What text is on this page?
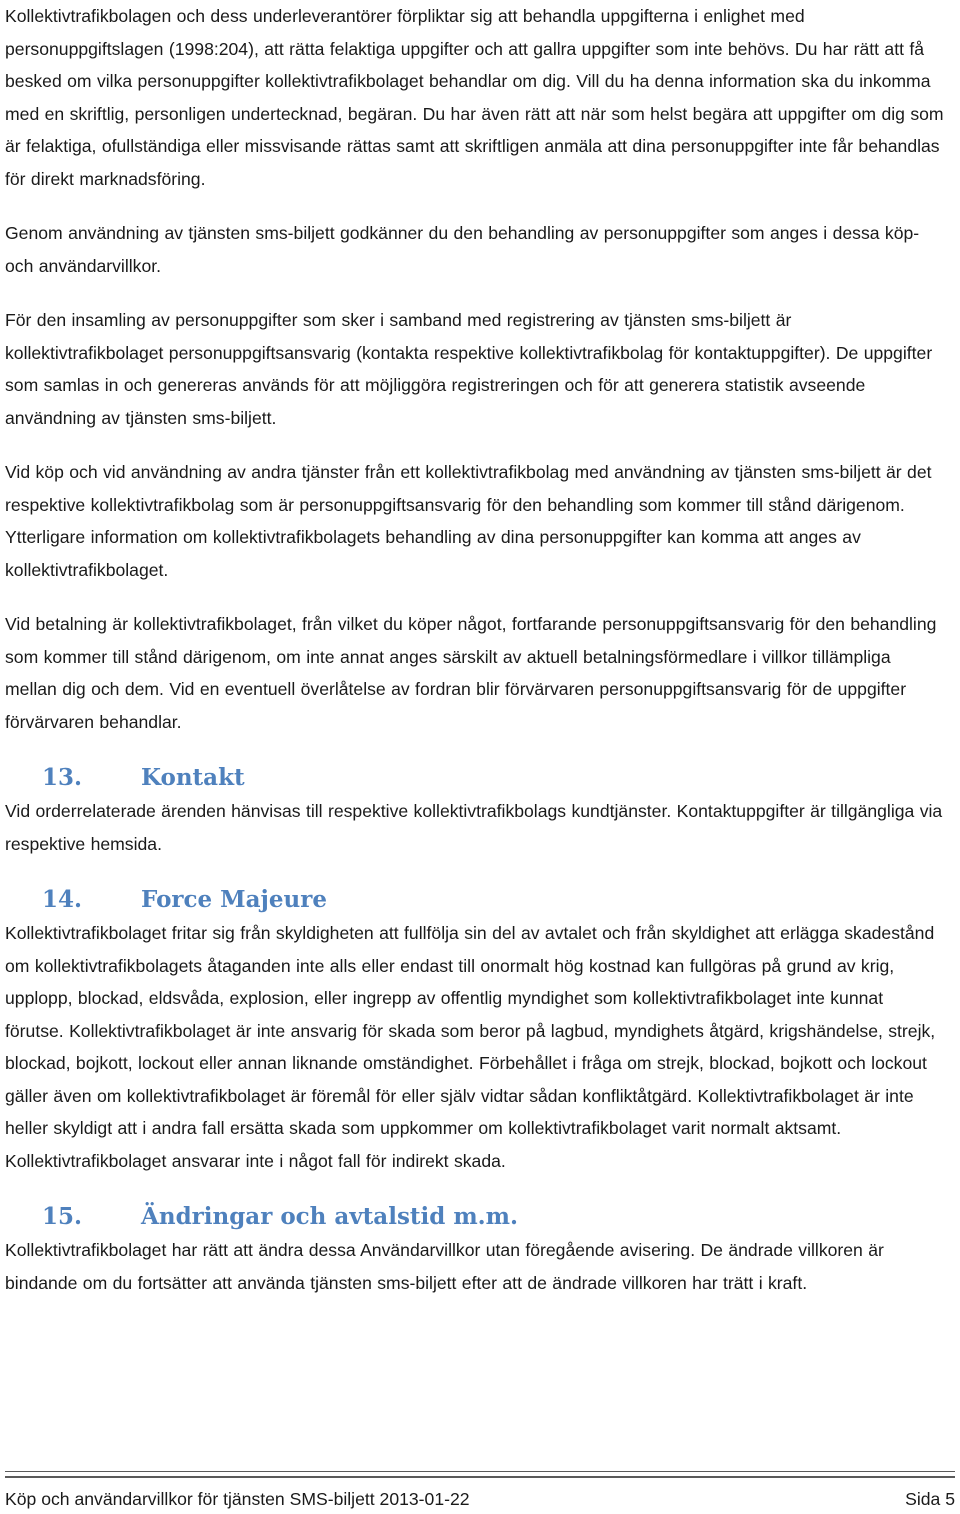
Kollektivtrafikbolagen och dess underleverantörer förpliktar sig att behandla uppgifterna i enlighet med personuppgiftslagen (1998:204), att rätta felaktiga uppgifter och att gallra uppgifter som inte behövs. Du har rätt att få besked om vilka personuppgifter kollektivtrafikbolaget behandlar om dig. Vill du ha denna information ska du inkomma med en skriftlig, personligen undertecknad, begäran. Du har även rätt att när som helst begära att uppgifter om dig som är felaktiga, ofullständiga eller missvisande rättas samt att skriftligen anmäla att dina personuppgifter inte får behandlas för direkt marknadsföring.

Genom användning av tjänsten sms-biljett godkänner du den behandling av personuppgifter som anges i dessa köp- och användarvillkor.

För den insamling av personuppgifter som sker i samband med registrering av tjänsten sms-biljett är kollektivtrafikbolaget personuppgiftsansvarig (kontakta respektive kollektivtrafikbolag för kontaktuppgifter). De uppgifter som samlas in och genereras används för att möjliggöra registreringen och för att generera statistik avseende användning av tjänsten sms-biljett.

Vid köp och vid användning av andra tjänster från ett kollektivtrafikbolag med användning av tjänsten sms-biljett är det respektive kollektivtrafikbolag som är personuppgiftsansvarig för den behandling som kommer till stånd därigenom. Ytterligare information om kollektivtrafikbolagets behandling av dina personuppgifter kan komma att anges av kollektivtrafikbolaget.

Vid betalning är kollektivtrafikbolaget, från vilket du köper något, fortfarande personuppgiftsansvarig för den behandling som kommer till stånd därigenom, om inte annat anges särskilt av aktuell betalningsförmedlare i villkor tillämpliga mellan dig och dem. Vid en eventuell överlåtelse av fordran blir förvärvaren personuppgiftsansvarig för de uppgifter förvärvaren behandlar.

13.	Kontakt

Vid orderrelaterade ärenden hänvisas till respektive kollektivtrafikbolags kundtjänster. Kontaktuppgifter är tillgängliga via respektive hemsida.

14.	Force Majeure

Kollektivtrafikbolaget fritar sig från skyldigheten att fullfölja sin del av avtalet och från skyldighet att erlägga skadestånd om kollektivtrafikbolagets åtaganden inte alls eller endast till onormalt hög kostnad kan fullgöras på grund av krig, upplopp, blockad, eldsvåda, explosion, eller ingrepp av offentlig myndighet som kollektivtrafikbolaget inte kunnat förutse. Kollektivtrafikbolaget är inte ansvarig för skada som beror på lagbud, myndighets åtgärd, krigshändelse, strejk, blockad, bojkott, lockout eller annan liknande omständighet. Förbehållet i fråga om strejk, blockad, bojkott och lockout gäller även om kollektivtrafikbolaget är föremål för eller själv vidtar sådan konfliktåtgärd. Kollektivtrafikbolaget är inte heller skyldigt att i andra fall ersätta skada som uppkommer om kollektivtrafikbolaget varit normalt aktsamt. Kollektivtrafikbolaget ansvarar inte i något fall för indirekt skada.

15.	Ändringar och avtalstid m.m.

Kollektivtrafikbolaget har rätt att ändra dessa Användarvillkor utan föregående avisering. De ändrade villkoren är bindande om du fortsätter att använda tjänsten sms-biljett efter att de ändrade villkoren har trätt i kraft.

Köp och användarvillkor för tjänsten SMS-biljett 2013-01-22	Sida 5
